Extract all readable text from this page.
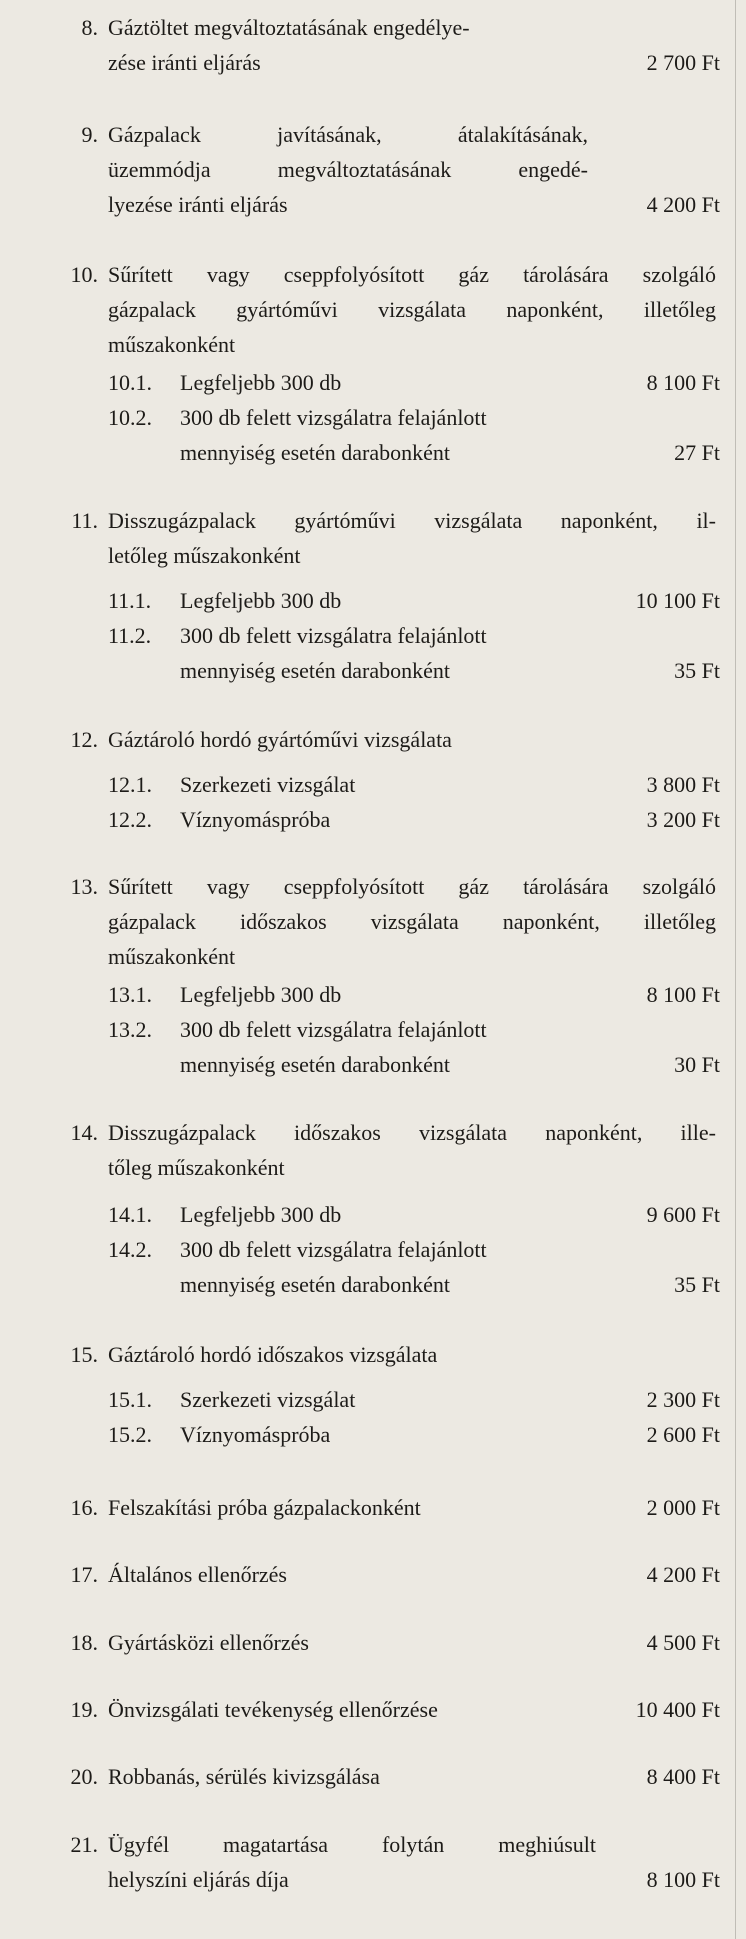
8. Gáztöltet megváltoztatásának engedélye-
zése iránti eljárás	2 700 Ft
9. Gázpalack javításának, átalakításának,
üzemmódja megváltoztatásának engedé-
lyezése iránti eljárás	4 200 Ft
10. Sűrített vagy cseppfolyósított gáz tárolására szolgáló
gázpalack gyártóművi vizsgálata naponként, illetőleg
műszakonként
10.1. Legfeljebb 300 db	8 100 Ft
10.2. 300 db felett vizsgálatra felajánlott
mennyiség esetén darabonként	27 Ft
11. Disszugázpalack gyártóművi vizsgálata naponként, il-
letőleg műszakonként
11.1. Legfeljebb 300 db	10 100 Ft
11.2. 300 db felett vizsgálatra felajánlott
mennyiség esetén darabonként	35 Ft
12. Gáztároló hordó gyártóművi vizsgálata
12.1. Szerkezeti vizsgálat	3 800 Ft
12.2. Víznyomáspróba	3 200 Ft
13. Sűrített vagy cseppfolyósított gáz tárolására szolgáló
gázpalack időszakos vizsgálata naponként, illetőleg
műszakonként
13.1. Legfeljebb 300 db	8 100 Ft
13.2. 300 db felett vizsgálatra felajánlott
mennyiség esetén darabonként	30 Ft
14. Disszugázpalack időszakos vizsgálata naponként, ille-
tőleg műszakonként
14.1. Legfeljebb 300 db	9 600 Ft
14.2. 300 db felett vizsgálatra felajánlott
mennyiség esetén darabonként	35 Ft
15. Gáztároló hordó időszakos vizsgálata
15.1. Szerkezeti vizsgálat	2 300 Ft
15.2. Víznyomáspróba	2 600 Ft
16. Felszakítási próba gázpalackonként	2 000 Ft
17. Általános ellenőrzés	4 200 Ft
18. Gyártásközi ellenőrzés	4 500 Ft
19. Önvizsgálati tevékenység ellenőrzése	10 400 Ft
20. Robbanás, sérülés kivizsgálása	8 400 Ft
21. Ügyfél magatartása folytán meghiúsult
helyszíni eljárás díja	8 100 Ft
